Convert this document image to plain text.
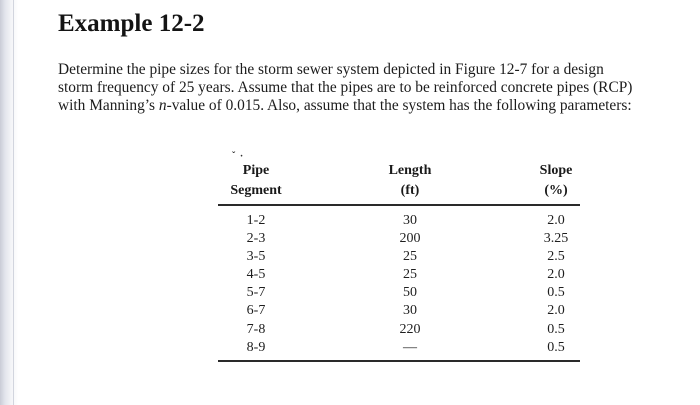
Example 12-2

Determine the pipe sizes for the storm sewer system depicted in Figure 12-7 for a design

storm frequency of 25 years. Assume that the pipes are to be reinforced concrete pipes (RCP)

with Manning’s n-value of 0.015. Also, assume that the system has the following parameters:

ˇ ·
Pipe
Segment
Length
(ft)
Slope
(%)
1-2
2-3
3-5
4-5
5-7
6-7
7-8
8-9
30
200
25
25
50
30
220
—
2.0
3.25
2.5
2.0
0.5
2.0
0.5
0.5
